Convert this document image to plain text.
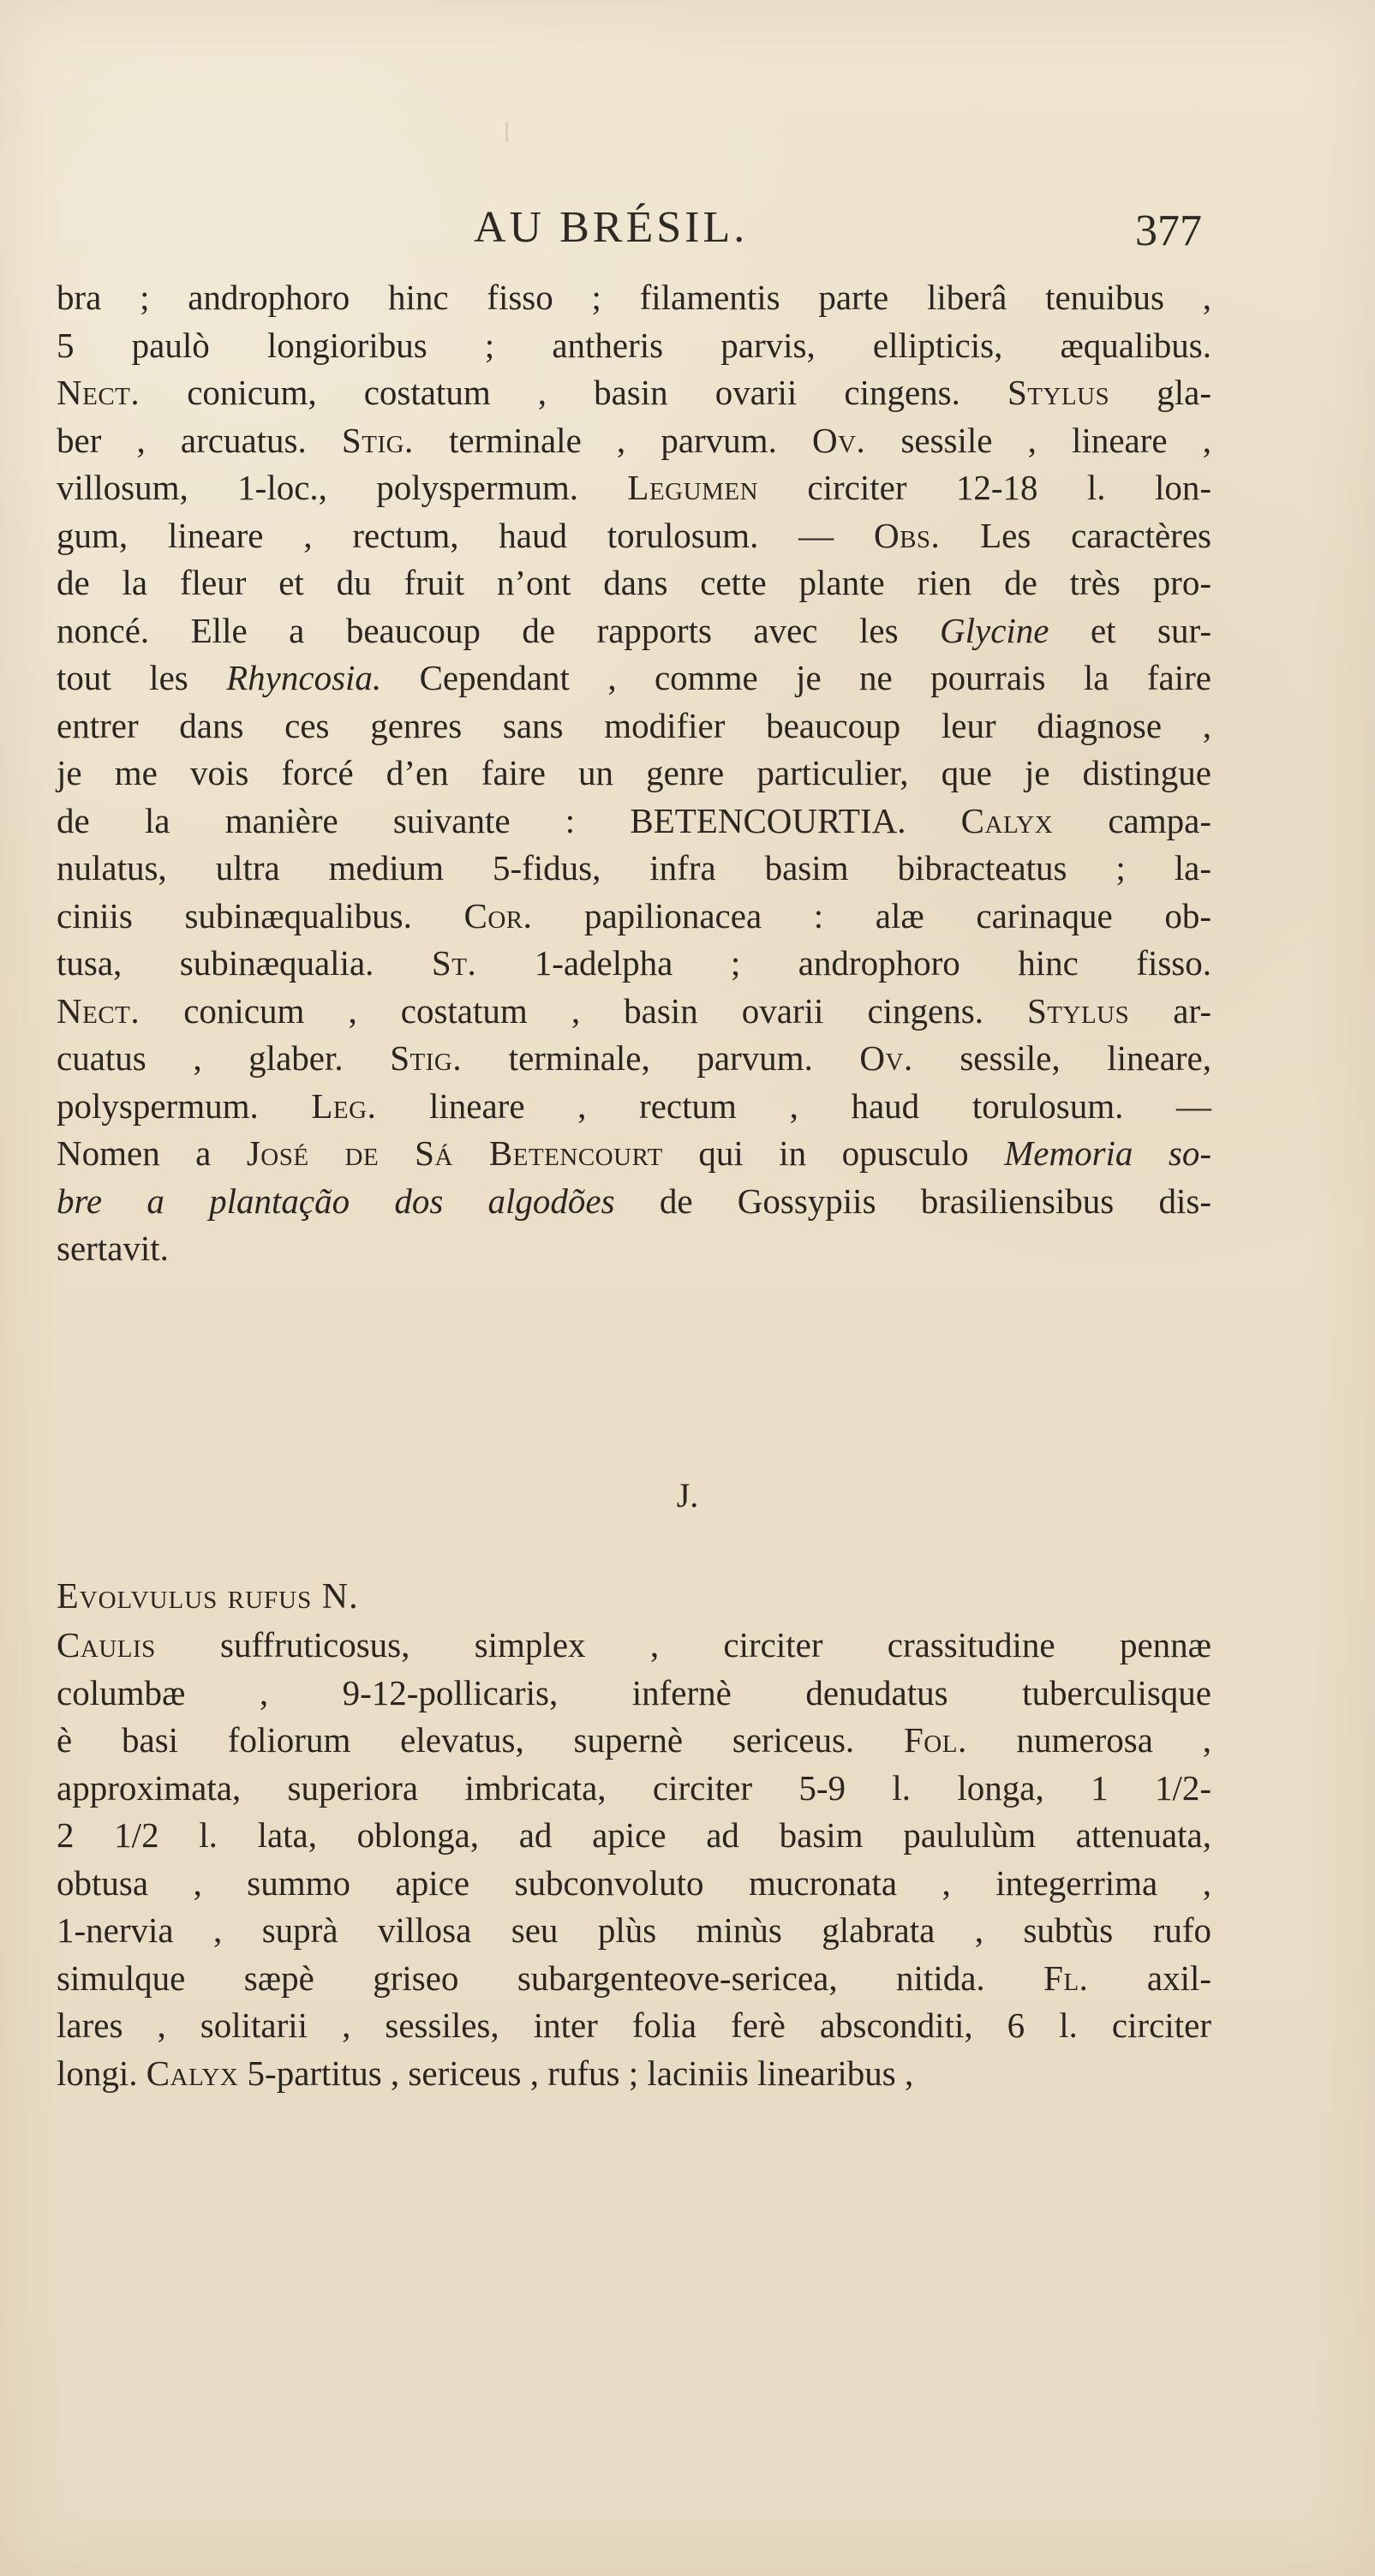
AU BRÉSIL.	377
bra ; androphoro hinc fisso ; filamentis parte liberâ tenuibus ,
5 paulò longioribus ; antheris parvis, ellipticis, æqualibus.
Nect. conicum, costatum , basin ovarii cingens. Stylus gla-
ber , arcuatus. Stig. terminale , parvum. Ov. sessile , lineare ,
villosum, 1-loc., polyspermum. Legumen circiter 12-18 l. lon-
gum, lineare , rectum, haud torulosum. — Obs. Les caractères
de la fleur et du fruit n’ont dans cette plante rien de très pro-
noncé. Elle a beaucoup de rapports avec les Glycine et sur-
tout les Rhyncosia. Cependant , comme je ne pourrais la faire
entrer dans ces genres sans modifier beaucoup leur diagnose ,
je me vois forcé d’en faire un genre particulier, que je distingue
de la manière suivante : BETENCOURTIA. Calyx campa-
nulatus, ultra medium 5-fidus, infra basim bibracteatus ; la-
ciniis subinæqualibus. Cor. papilionacea : alæ carinaque ob-
tusa, subinæqualia. St. 1-adelpha ; androphoro hinc fisso.
Nect. conicum , costatum , basin ovarii cingens. Stylus ar-
cuatus , glaber. Stig. terminale, parvum. Ov. sessile, lineare,
polyspermum. Leg. lineare , rectum , haud torulosum. —
Nomen a José de Sá Betencourt qui in opusculo Memoria so-
bre a plantação dos algodões de Gossypiis brasiliensibus dis-
sertavit.
J.
Evolvulus rufus N.
Caulis suffruticosus, simplex , circiter crassitudine pennæ
columbæ , 9-12-pollicaris, infernè denudatus tuberculisque
è basi foliorum elevatus, supernè sericeus. Fol. numerosa ,
approximata, superiora imbricata, circiter 5-9 l. longa, 1 1/2-
2 1/2 l. lata, oblonga, ad apice ad basim paululùm attenuata,
obtusa , summo apice subconvoluto mucronata , integerrima ,
1-nervia , suprà villosa seu plùs minùs glabrata , subtùs rufo
simulque sæpè griseo subargenteove-sericea, nitida. Fl. axil-
lares , solitarii , sessiles, inter folia ferè absconditi, 6 l. circiter
longi. Calyx 5-partitus , sericeus , rufus ; laciniis linearibus ,
